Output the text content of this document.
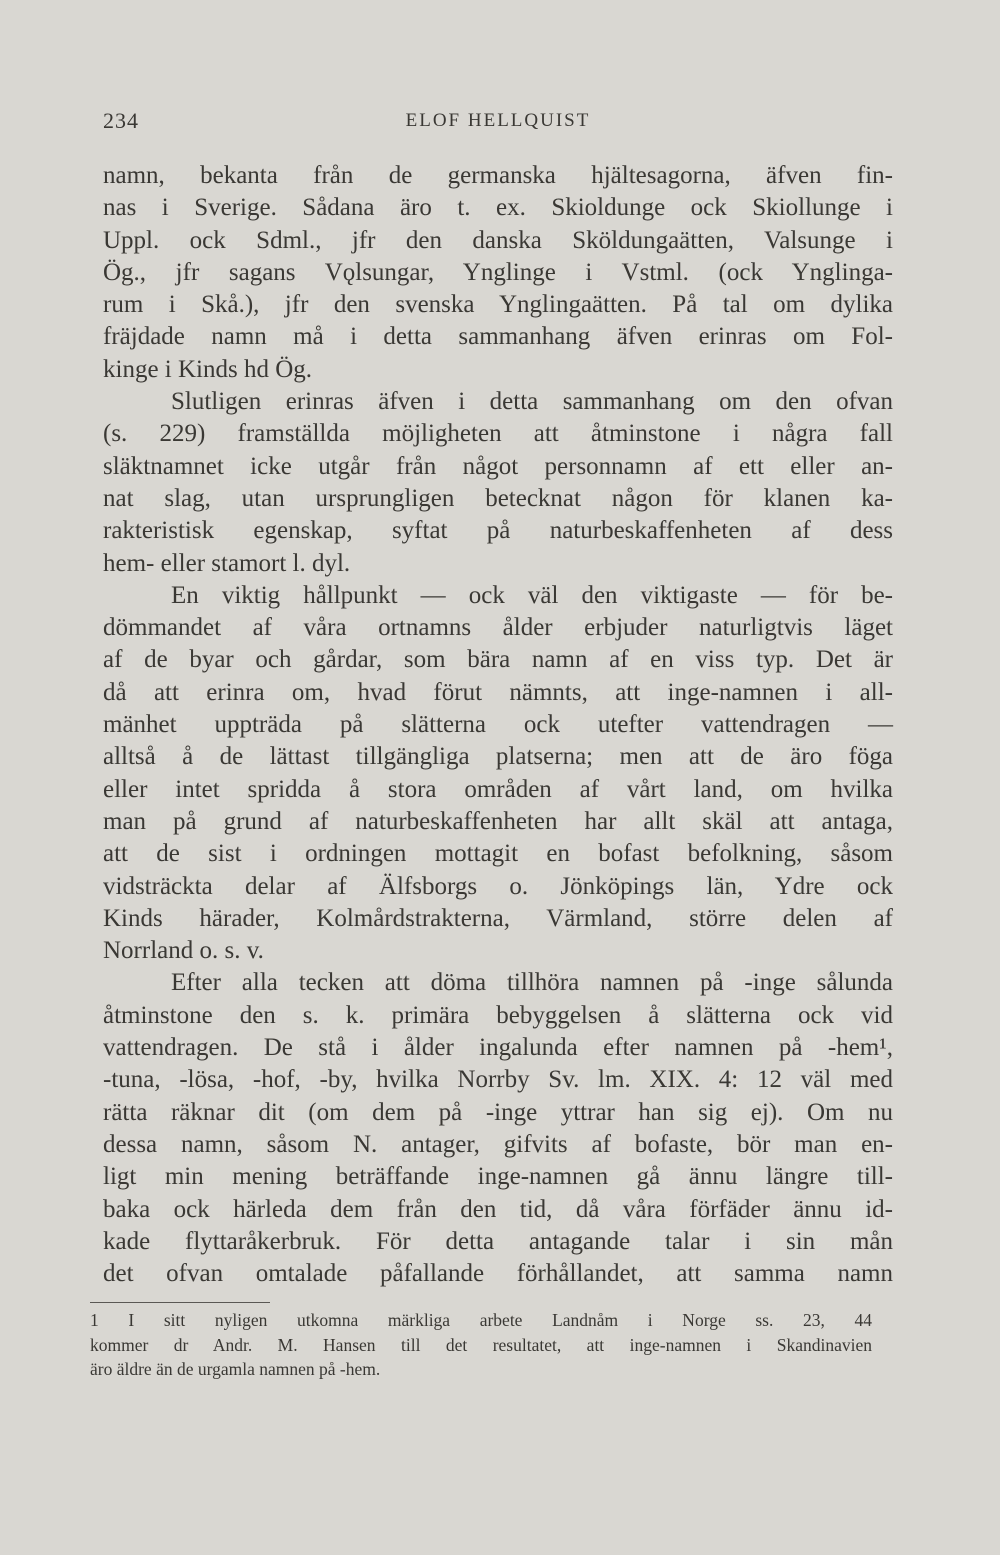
234	ELOF HELLQUIST
namn, bekanta från de germanska hjältesagorna, äfven fin-
nas i Sverige. Sådana äro t. ex. Skioldunge ock Skiollunge i
Uppl. ock Sdml., jfr den danska Sköldungaätten, Valsunge i
Ög., jfr sagans Vǫlsungar, Ynglinge i Vstml. (ock Ynglinga-
rum i Skå.), jfr den svenska Ynglingaätten. På tal om dylika
fräjdade namn må i detta sammanhang äfven erinras om Fol-
kinge i Kinds hd Ög.
Slutligen erinras äfven i detta sammanhang om den ofvan
(s. 229) framställda möjligheten att åtminstone i några fall
släktnamnet icke utgår från något personnamn af ett eller an-
nat slag, utan ursprungligen betecknat någon för klanen ka-
rakteristisk egenskap, syftat på naturbeskaffenheten af dess
hem- eller stamort l. dyl.
En viktig hållpunkt — ock väl den viktigaste — för be-
dömmandet af våra ortnamns ålder erbjuder naturligtvis läget
af de byar och gårdar, som bära namn af en viss typ. Det är
då att erinra om, hvad förut nämnts, att inge-namnen i all-
mänhet uppträda på slätterna ock utefter vattendragen —
alltså å de lättast tillgängliga platserna; men att de äro föga
eller intet spridda å stora områden af vårt land, om hvilka
man på grund af naturbeskaffenheten har allt skäl att antaga,
att de sist i ordningen mottagit en bofast befolkning, såsom
vidsträckta delar af Älfsborgs o. Jönköpings län, Ydre ock
Kinds härader, Kolmårdstrakterna, Värmland, större delen af
Norrland o. s. v.
Efter alla tecken att döma tillhöra namnen på -inge sålunda
åtminstone den s. k. primära bebyggelsen å slätterna ock vid
vattendragen. De stå i ålder ingalunda efter namnen på -hem¹,
-tuna, -lösa, -hof, -by, hvilka Norrby Sv. lm. XIX. 4: 12 väl med
rätta räknar dit (om dem på -inge yttrar han sig ej). Om nu
dessa namn, såsom N. antager, gifvits af bofaste, bör man en-
ligt min mening beträffande inge-namnen gå ännu längre till-
baka ock härleda dem från den tid, då våra förfäder ännu id-
kade flyttaråkerbruk. För detta antagande talar i sin mån
det ofvan omtalade påfallande förhållandet, att samma namn
1 I sitt nyligen utkomna märkliga arbete Landnåm i Norge ss. 23, 44
kommer dr Andr. M. Hansen till det resultatet, att inge-namnen i Skandinavien
äro äldre än de urgamla namnen på -hem.
